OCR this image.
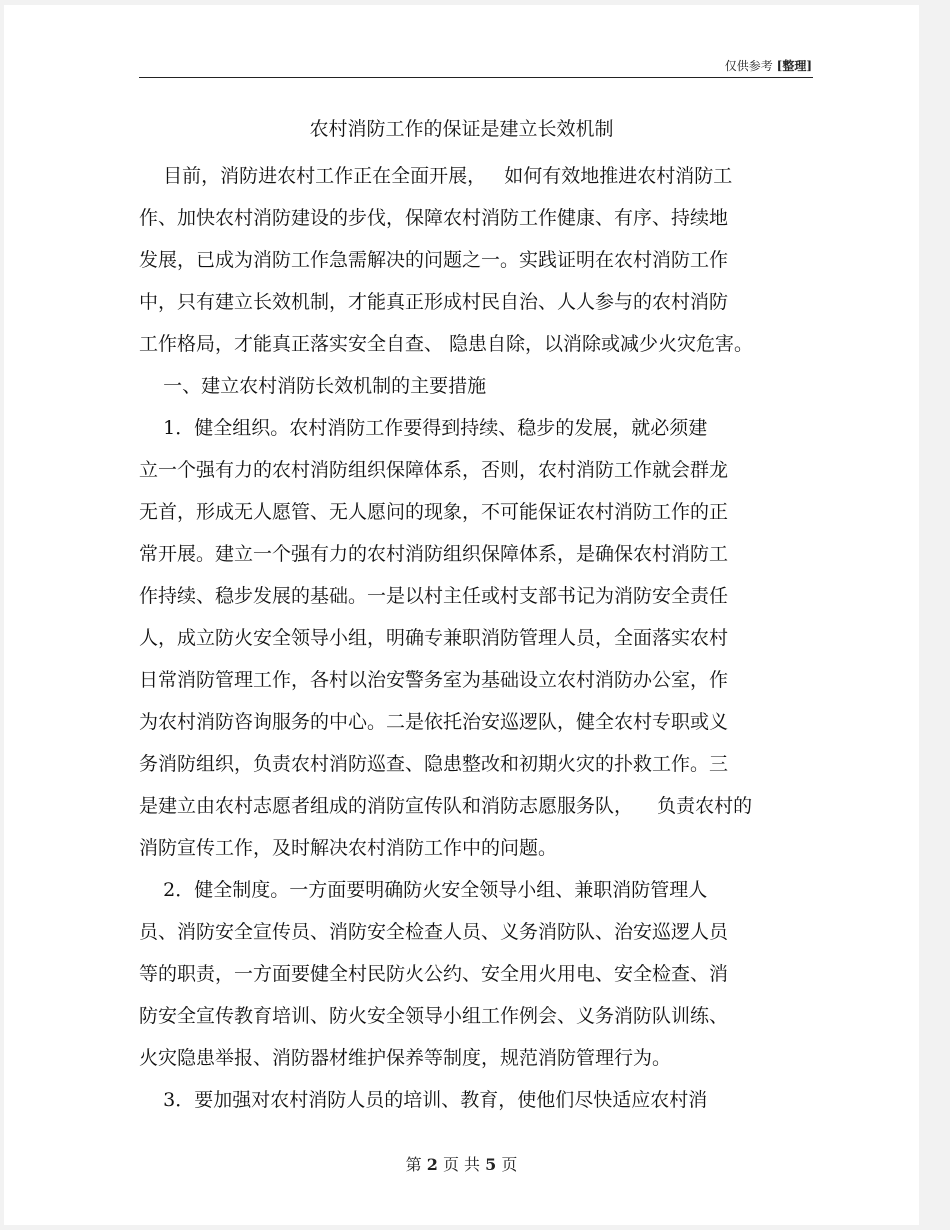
仅供参考 [整理]
农村消防工作的保证是建立长效机制
目前，消防进农村工作正在全面开展，   如何有效地推进农村消防工
作、加快农村消防建设的步伐，保障农村消防工作健康、有序、持续地
发展，已成为消防工作急需解决的问题之一。实践证明在农村消防工作
中，只有建立长效机制，才能真正形成村民自治、人人参与的农村消防
工作格局，才能真正落实安全自查、 隐患自除，以消除或减少火灾危害。
一、建立农村消防长效机制的主要措施
1．健全组织。农村消防工作要得到持续、稳步的发展，就必须建
立一个强有力的农村消防组织保障体系，否则，农村消防工作就会群龙
无首，形成无人愿管、无人愿问的现象，不可能保证农村消防工作的正
常开展。建立一个强有力的农村消防组织保障体系，是确保农村消防工
作持续、稳步发展的基础。一是以村主任或村支部书记为消防安全责任
人，成立防火安全领导小组，明确专兼职消防管理人员，全面落实农村
日常消防管理工作，各村以治安警务室为基础设立农村消防办公室，作
为农村消防咨询服务的中心。二是依托治安巡逻队，健全农村专职或义
务消防组织，负责农村消防巡查、隐患整改和初期火灾的扑救工作。三
是建立由农村志愿者组成的消防宣传队和消防志愿服务队，    负责农村的
消防宣传工作，及时解决农村消防工作中的问题。
2．健全制度。一方面要明确防火安全领导小组、兼职消防管理人
员、消防安全宣传员、消防安全检查人员、义务消防队、治安巡逻人员
等的职责，一方面要健全村民防火公约、安全用火用电、安全检查、消
防安全宣传教育培训、防火安全领导小组工作例会、义务消防队训练、
火灾隐患举报、消防器材维护保养等制度，规范消防管理行为。
3．要加强对农村消防人员的培训、教育，使他们尽快适应农村消
第 2 页 共 5 页
